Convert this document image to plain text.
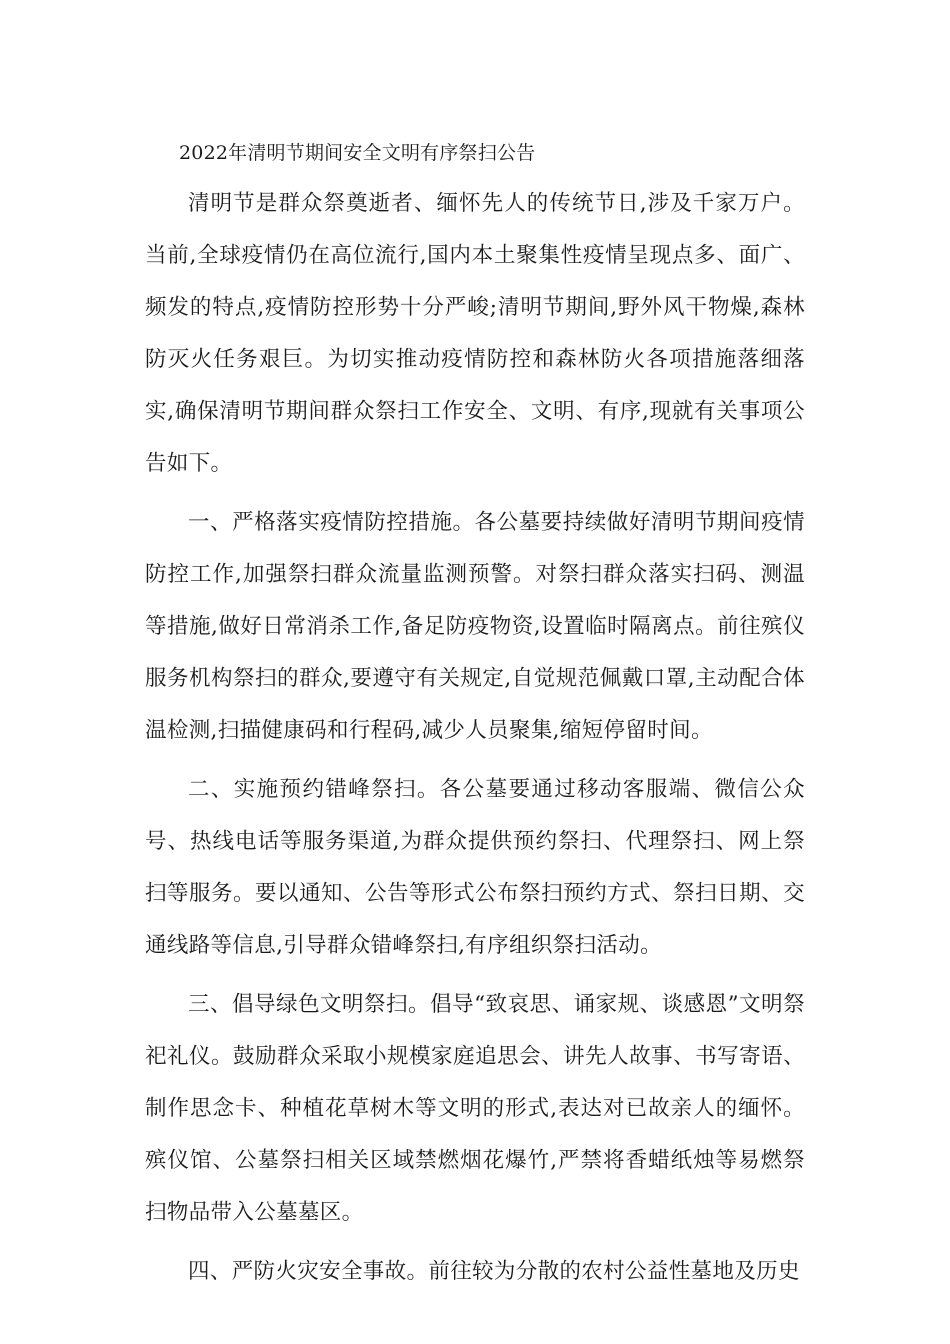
2022年清明节期间安全文明有序祭扫公告

清明节是群众祭奠逝者、缅怀先人的传统节日,涉及千家万户。当前,全球疫情仍在高位流行,国内本土聚集性疫情呈现点多、面广、频发的特点,疫情防控形势十分严峻;清明节期间,野外风干物燥,森林防灭火任务艰巨。为切实推动疫情防控和森林防火各项措施落细落实,确保清明节期间群众祭扫工作安全、文明、有序,现就有关事项公告如下。

一、严格落实疫情防控措施。各公墓要持续做好清明节期间疫情防控工作,加强祭扫群众流量监测预警。对祭扫群众落实扫码、测温等措施,做好日常消杀工作,备足防疫物资,设置临时隔离点。前往殡仪服务机构祭扫的群众,要遵守有关规定,自觉规范佩戴口罩,主动配合体温检测,扫描健康码和行程码,减少人员聚集,缩短停留时间。

二、实施预约错峰祭扫。各公墓要通过移动客服端、微信公众号、热线电话等服务渠道,为群众提供预约祭扫、代理祭扫、网上祭扫等服务。要以通知、公告等形式公布祭扫预约方式、祭扫日期、交通线路等信息,引导群众错峰祭扫,有序组织祭扫活动。

三、倡导绿色文明祭扫。倡导“致哀思、诵家规、谈感恩”文明祭祀礼仪。鼓励群众采取小规模家庭追思会、讲先人故事、书写寄语、制作思念卡、种植花草树木等文明的形式,表达对已故亲人的缅怀。殡仪馆、公墓祭扫相关区域禁燃烟花爆竹,严禁将香蜡纸烛等易燃祭扫物品带入公墓墓区。

四、严防火灾安全事故。前往较为分散的农村公益性墓地及历史
